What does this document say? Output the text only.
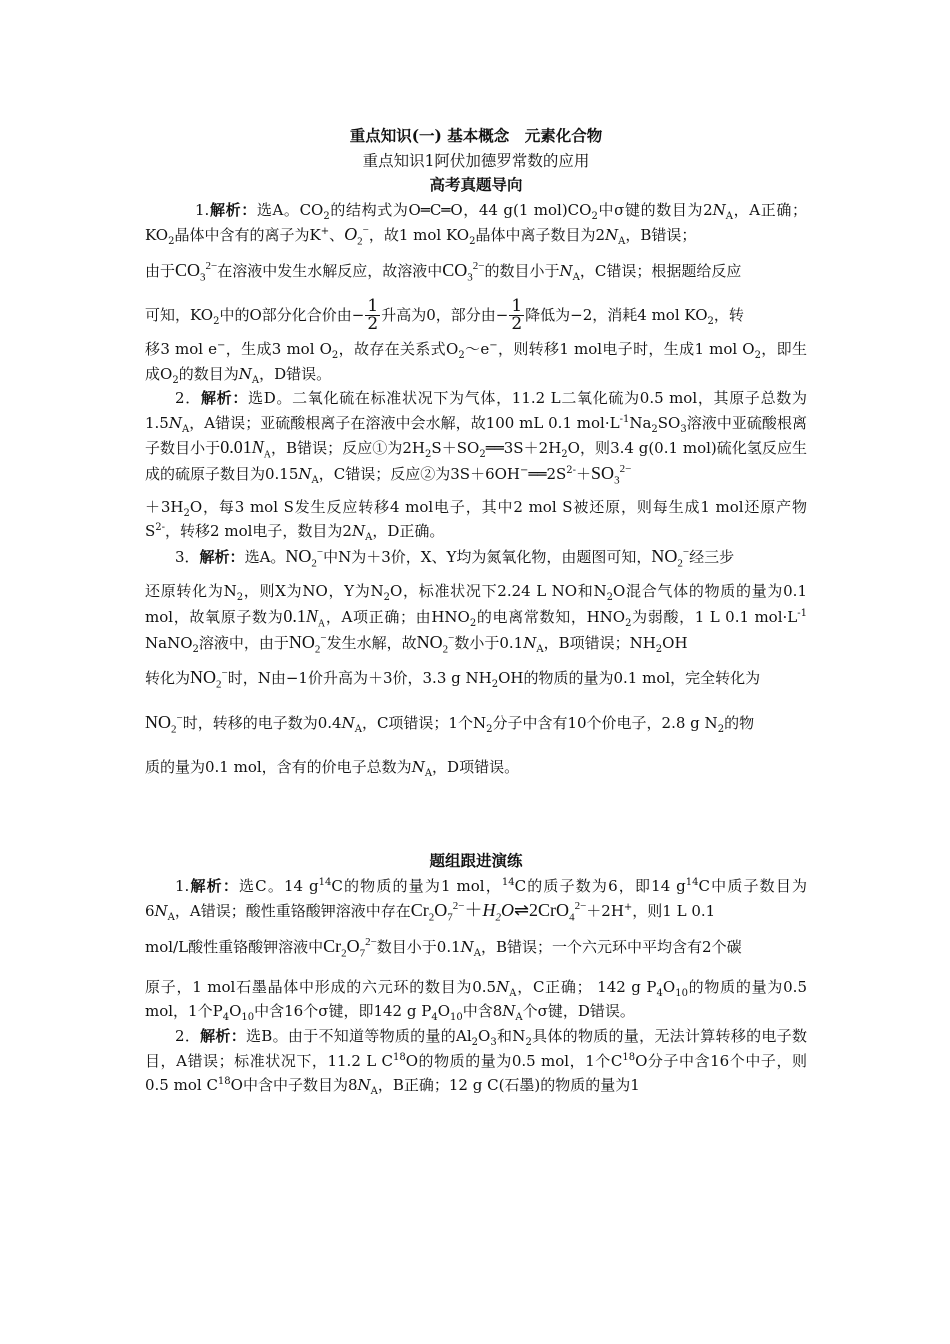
重点知识(一) 基本概念　元素化合物
重点知识1阿伏加德罗常数的应用
高考真题导向

1.解析：选A。$CO_2$的结构式为O═C═O，44 g(1 $mol)CO_2$中σ键的数目为$2N_A$，A正确；$KO_2$晶体中含有的离子为K+、$O_2^-$，故1 mol $KO_2$晶体中离子数目为$2N_A$，B错误；

由于$CO_3^{2-}$在溶液中发生水解反应，故溶液中$CO_3^{2-}$的数目小于$N_A$，C错误；根据题给反应

可知，$KO_2$中的O部分化合价由− $\frac{1}{2}$ 升高为0，部分由− $\frac{1}{2}$ 降低为−2，消耗4 mol $KO_2$，转

移3 mol e−，生成3 mol $O_2$，故存在关系式$O_2\sim e^-$，则转移1 mol电子时，生成1 mol $O_2$，即生成$O_2$的数目为$N_A$，D错误。

2．解析：选D。二氧化硫在标准状况下为气体，11.2 L二氧化硫为0.5 mol，其原子总数为$1.5N_A$，A错误；亚硫酸根离子在溶液中会水解，故100 mL 0.1 $mol\cdot L^{-1}Na_2SO_3$溶液中亚硫酸根离子数目小于$0.01N_A$，B错误；反应①为$2H_2S+SO_2══3S+2H_2O$，则3.4 g(0.1 mol)硫化氢反应生成的硫原子数目为$0.15N_A$，C错误；反应②为$3S+6OH^-══2S^{2-}+SO_3^{2-}$

$+3H_2O$，每3 mol S发生反应转移4 mol电子，其中2 mol S被还原，则每生成1 mol还原产物$S^{2-}$，转移2 mol电子，数目为$2N_A$，D正确。

3．解析：选A。$NO_2^-$中N为＋3价，X、Y均为氮氧化物，由题图可知，$NO_2^-$经三步

还原转化为$N_2$，则X为NO，Y为$N_2O$，标准状况下2.24 L NO和$N_2O$混合气体的物质的量为0.1 mol，故氧原子数为$0.1N_A$，A项正确；由$HNO_2$的电离常数知，$HNO_2$为弱酸，1 L 0.1 $mol\cdot L^{-1}$ NaNO$_2$溶液中，由于$NO_2^-$发生水解，故$NO_2^-$数小于$0.1N_A$，B项错误；$NH_2OH$

转化为$NO_2^-$时，N由−1价升高为＋3价，3.3 g $NH_2OH$的物质的量为0.1 mol，完全转化为

$NO_2^-$时，转移的电子数为$0.4N_A$，C项错误；1个$N_2$分子中含有10个价电子，2.8 g $N_2$的物

质的量为0.1 mol，含有的价电子总数为$N_A$，D项错误。

题组跟进演练

1.解析：选C。14 $g^{14}C$的物质的量为1 mol，$^{14}$C的质子数为6，即14 $g^{14}C$中质子数目为$6N_A$，A错误；酸性重铬酸钾溶液中存在$Cr_2O_7^{2-}+H_2O\rightleftharpoons 2CrO_4^{2-}+2H^+$，则1 L 0.1

mol/L酸性重铬酸钾溶液中$Cr_2O_7^{2-}$数目小于$0.1N_A$，B错误；一个六元环中平均含有2个碳

原子，1 mol石墨晶体中形成的六元环的数目为$0.5N_A$，C正确； 142 g $P_4O_{10}$的物质的量为0.5 mol，1个$P_4O_{10}$中含16个σ键，即142 g $P_4O_{10}$中含$8N_A$个σ键，D错误。

2．解析：选B。由于不知道等物质的量的$Al_2O_3$和$N_2$具体的物质的量，无法计算转移的电子数目，A错误；标准状况下，11.2 L $C^{18}O$的物质的量为0.5 mol，1个$C^{18}O$分子中含16个中子，则0.5 mol $C^{18}O$中含中子数目为$8N_A$，B正确；12 g C(石墨)的物质的量为1
